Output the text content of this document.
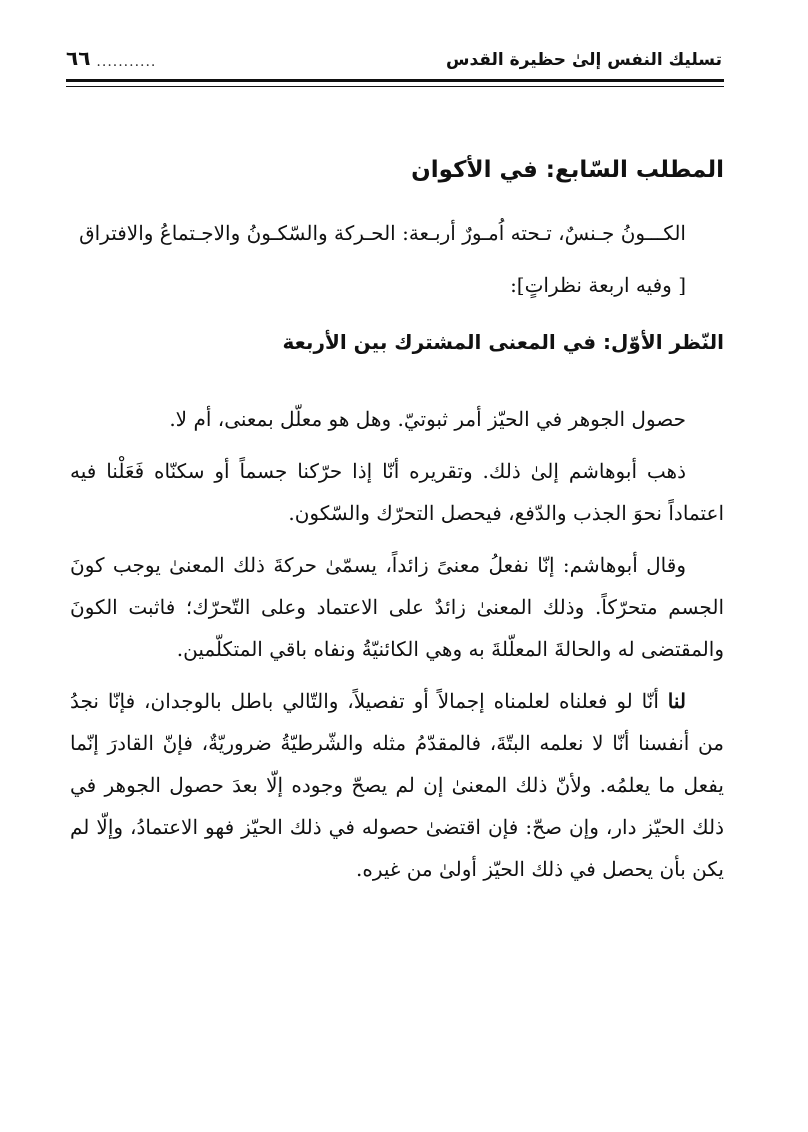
تسليك النفس إلىٰ حظيرة القدس
...........
٦٦
المطلب السّابع: في الأكوان

الكـــونُ جـنسٌ، تـحته اُمـورٌ أربـعة: الحـركة والسّكـونُ والاجـتماعُ والافتراق

[ وفيه اربعة نظراتٍ]:

النّظر الأوّل: في المعنى المشترك بين الأربعة

حصول الجوهر في الحيّز أمر ثبوتيّ. وهل هو معلّل بمعنى، أم لا.

ذهب أبوهاشم إلىٰ ذلك. وتقريره أنّا إذا حرّكنا جسماً أو سكنّاه فَعَلْنا فيه اعتماداً نحوَ الجذب والدّفع، فيحصل التحرّك والسّكون.

وقال أبوهاشم: إنّا نفعلُ معنىً زائداً، يسمّىٰ حركةَ ذلك المعنىٰ يوجب كونَ الجسم متحرّكاً. وذلك المعنىٰ زائدٌ على الاعتماد وعلى التّحرّك؛ فاثبت الكونَ والمقتضى له والحالةَ المعلّلةَ به وهي الكائنيّةُ ونفاه باقي المتكلّمين.

لنا أنّا لو فعلناه لعلمناه إجمالاً أو تفصيلاً، والتّالي باطل بالوجدان، فإنّا نجدُ من أنفسنا أنّا لا نعلمه البتّةَ، فالمقدّمُ مثله والشّرطيّةُ ضروريّةٌ، فإنّ القادرَ إنّما يفعل ما يعلمُه. ولأنّ ذلك المعنىٰ إن لم يصحّ وجوده إلّا بعدَ حصول الجوهر في ذلك الحيّز دار، وإن صحّ: فإن اقتضىٰ حصوله في ذلك الحيّز فهو الاعتمادُ، وإلّا لم يكن بأن يحصل في ذلك الحيّز أولىٰ من غيره.
